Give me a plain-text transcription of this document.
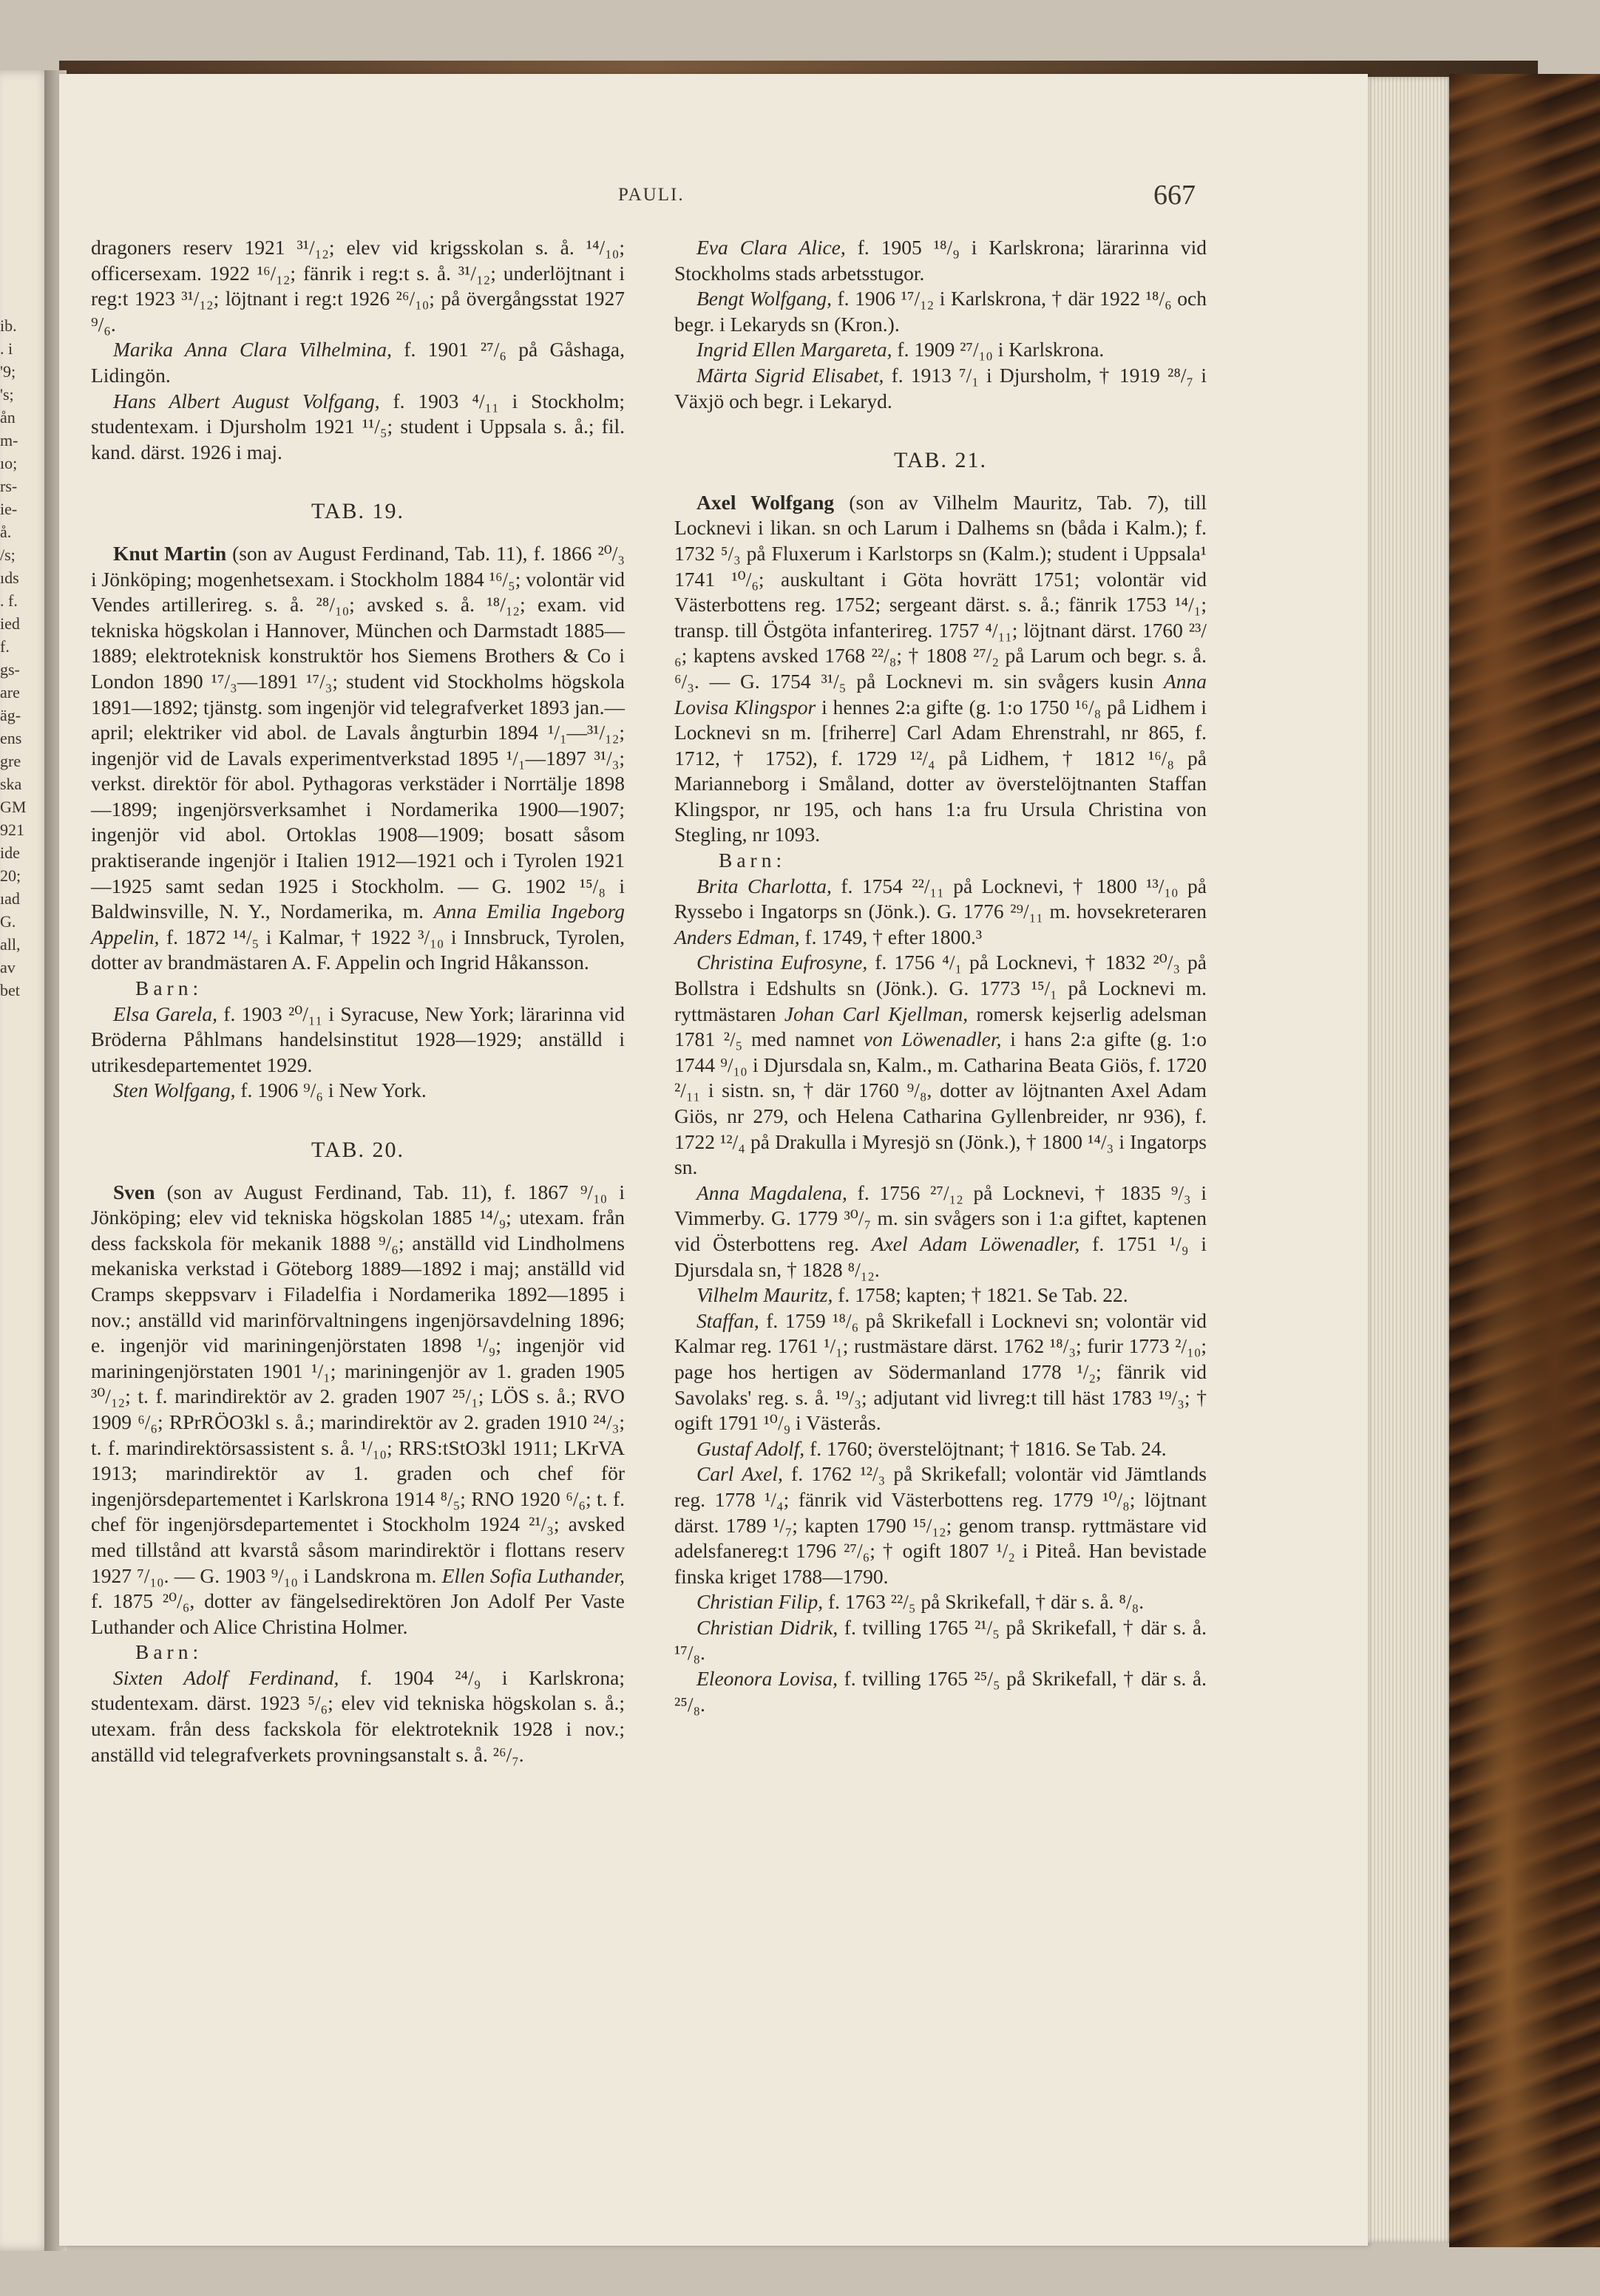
ib.
. i
'9;
's;
ån
m-
ıo;
rs-
ie-
å.
/s;
ıds
. f.
ied
f.
gs-
are
äg-
ens
gre
ska
GM
921
ide
20;
ıad
G.
all,
av
bet
PAULI.	667

dragoners reserv 1921 ³¹/₁₂; elev vid krigsskolan s. å. ¹⁴/₁₀; officersexam. 1922 ¹⁶/₁₂; fänrik i reg:t s. å. ³¹/₁₂; underlöjtnant i reg:t 1923 ³¹/₁₂; löjtnant i reg:t 1926 ²⁶/₁₀; på övergångsstat 1927 ⁹/₆.

Marika Anna Clara Vilhelmina, f. 1901 ²⁷/₆ på Gåshaga, Lidingön.

Hans Albert August Volfgang, f. 1903 ⁴/₁₁ i Stockholm; studentexam. i Djursholm 1921 ¹¹/₅; student i Uppsala s. å.; fil. kand. därst. 1926 i maj.

TAB. 19.

Knut Martin (son av August Ferdinand, Tab. 11), f. 1866 ²⁰/₃ i Jönköping; mogenhetsexam. i Stockholm 1884 ¹⁶/₅; volontär vid Vendes artillerireg. s. å. ²⁸/₁₀; avsked s. å. ¹⁸/₁₂; exam. vid tekniska högskolan i Hannover, München och Darmstadt 1885—1889; elektroteknisk konstruktör hos Siemens Brothers & Co i London 1890 ¹⁷/₃—1891 ¹⁷/₃; student vid Stockholms högskola 1891—1892; tjänstg. som ingenjör vid telegrafverket 1893 jan.—april; elektriker vid abol. de Lavals ångturbin 1894 ¹/₁—³¹/₁₂; ingenjör vid de Lavals experimentverkstad 1895 ¹/₁—1897 ³¹/₃; verkst. direktör för abol. Pythagoras verkstäder i Norrtälje 1898—1899; ingenjörsverksamhet i Nordamerika 1900—1907; ingenjör vid abol. Ortoklas 1908—1909; bosatt såsom praktiserande ingenjör i Italien 1912—1921 och i Tyrolen 1921—1925 samt sedan 1925 i Stockholm. — G. 1902 ¹⁵/₈ i Baldwinsville, N. Y., Nordamerika, m. Anna Emilia Ingeborg Appelin, f. 1872 ¹⁴/₅ i Kalmar, † 1922 ³/₁₀ i Innsbruck, Tyrolen, dotter av brandmästaren A. F. Appelin och Ingrid Håkansson.

Barn:

Elsa Garela, f. 1903 ²⁰/₁₁ i Syracuse, New York; lärarinna vid Bröderna Påhlmans handelsinstitut 1928—1929; anställd i utrikesdepartementet 1929.

Sten Wolfgang, f. 1906 ⁹/₆ i New York.

TAB. 20.

Sven (son av August Ferdinand, Tab. 11), f. 1867 ⁹/₁₀ i Jönköping; elev vid tekniska högskolan 1885 ¹⁴/₉; utexam. från dess fackskola för mekanik 1888 ⁹/₆; anställd vid Lindholmens mekaniska verkstad i Göteborg 1889—1892 i maj; anställd vid Cramps skeppsvarv i Filadelfia i Nordamerika 1892—1895 i nov.; anställd vid marinförvaltningens ingenjörsavdelning 1896; e. ingenjör vid mariningenjörstaten 1898 ¹/₉; ingenjör vid mariningenjörstaten 1901 ¹/₁; mariningenjör av 1. graden 1905 ³⁰/₁₂; t. f. marindirektör av 2. graden 1907 ²⁵/₁; LÖS s. å.; RVO 1909 ⁶/₆; RPrRÖO3kl s. å.; marindirektör av 2. graden 1910 ²⁴/₃; t. f. marindirektörsassistent s. å. ¹/₁₀; RRS:tStO3kl 1911; LKrVA 1913; marindirektör av 1. graden och chef för ingenjörsdepartementet i Karlskrona 1914 ⁸/₅; RNO 1920 ⁶/₆; t. f. chef för ingenjörsdepartementet i Stockholm 1924 ²¹/₃; avsked med tillstånd att kvarstå såsom marindirektör i flottans reserv 1927 ⁷/₁₀. — G. 1903 ⁹/₁₀ i Landskrona m. Ellen Sofia Luthander, f. 1875 ²⁰/₆, dotter av fängelsedirektören Jon Adolf Per Vaste Luthander och Alice Christina Holmer.

Barn:

Sixten Adolf Ferdinand, f. 1904 ²⁴/₉ i Karlskrona; studentexam. därst. 1923 ⁵/₆; elev vid tekniska högskolan s. å.; utexam. från dess fackskola för elektroteknik 1928 i nov.; anställd vid telegrafverkets provningsanstalt s. å. ²⁶/₇.

Eva Clara Alice, f. 1905 ¹⁸/₉ i Karlskrona; lärarinna vid Stockholms stads arbetsstugor.

Bengt Wolfgang, f. 1906 ¹⁷/₁₂ i Karlskrona, † där 1922 ¹⁸/₆ och begr. i Lekaryds sn (Kron.).

Ingrid Ellen Margareta, f. 1909 ²⁷/₁₀ i Karlskrona.

Märta Sigrid Elisabet, f. 1913 ⁷/₁ i Djursholm, † 1919 ²⁸/₇ i Växjö och begr. i Lekaryd.

TAB. 21.

Axel Wolfgang (son av Vilhelm Mauritz, Tab. 7), till Locknevi i likan. sn och Larum i Dalhems sn (båda i Kalm.); f. 1732 ⁵/₃ på Fluxerum i Karlstorps sn (Kalm.); student i Uppsala¹ 1741 ¹⁰/₆; auskultant i Göta hovrätt 1751; volontär vid Västerbottens reg. 1752; sergeant därst. s. å.; fänrik 1753 ¹⁴/₁; transp. till Östgöta infanterireg. 1757 ⁴/₁₁; löjtnant därst. 1760 ²³/₆; kaptens avsked 1768 ²²/₈; † 1808 ²⁷/₂ på Larum och begr. s. å. ⁶/₃. — G. 1754 ³¹/₅ på Locknevi m. sin svågers kusin Anna Lovisa Klingspor i hennes 2:a gifte (g. 1:o 1750 ¹⁶/₈ på Lidhem i Locknevi sn m. [friherre] Carl Adam Ehrenstrahl, nr 865, f. 1712, † 1752), f. 1729 ¹²/₄ på Lidhem, † 1812 ¹⁶/₈ på Marianneborg i Småland, dotter av överstelöjtnanten Staffan Klingspor, nr 195, och hans 1:a fru Ursula Christina von Stegling, nr 1093.

Barn:

Brita Charlotta, f. 1754 ²²/₁₁ på Locknevi, † 1800 ¹³/₁₀ på Ryssebo i Ingatorps sn (Jönk.). G. 1776 ²⁹/₁₁ m. hovsekreteraren Anders Edman, f. 1749, † efter 1800.³

Christina Eufrosyne, f. 1756 ⁴/₁ på Locknevi, † 1832 ²⁰/₃ på Bollstra i Edshults sn (Jönk.). G. 1773 ¹⁵/₁ på Locknevi m. ryttmästaren Johan Carl Kjellman, romersk kejserlig adelsman 1781 ²/₅ med namnet von Löwenadler, i hans 2:a gifte (g. 1:o 1744 ⁹/₁₀ i Djursdala sn, Kalm., m. Catharina Beata Giös, f. 1720 ²/₁₁ i sistn. sn, † där 1760 ⁹/₈, dotter av löjtnanten Axel Adam Giös, nr 279, och Helena Catharina Gyllenbreider, nr 936), f. 1722 ¹²/₄ på Drakulla i Myresjö sn (Jönk.), † 1800 ¹⁴/₃ i Ingatorps sn.

Anna Magdalena, f. 1756 ²⁷/₁₂ på Locknevi, † 1835 ⁹/₃ i Vimmerby. G. 1779 ³⁰/₇ m. sin svågers son i 1:a giftet, kaptenen vid Österbottens reg. Axel Adam Löwenadler, f. 1751 ¹/₉ i Djursdala sn, † 1828 ⁸/₁₂.

Vilhelm Mauritz, f. 1758; kapten; † 1821. Se Tab. 22.

Staffan, f. 1759 ¹⁸/₆ på Skrikefall i Locknevi sn; volontär vid Kalmar reg. 1761 ¹/₁; rustmästare därst. 1762 ¹⁸/₃; furir 1773 ²/₁₀; page hos hertigen av Södermanland 1778 ¹/₂; fänrik vid Savolaks' reg. s. å. ¹⁹/₃; adjutant vid livreg:t till häst 1783 ¹⁹/₃; † ogift 1791 ¹⁰/₉ i Västerås.

Gustaf Adolf, f. 1760; överstelöjtnant; † 1816. Se Tab. 24.

Carl Axel, f. 1762 ¹²/₃ på Skrikefall; volontär vid Jämtlands reg. 1778 ¹/₄; fänrik vid Västerbottens reg. 1779 ¹⁰/₈; löjtnant därst. 1789 ¹/₇; kapten 1790 ¹⁵/₁₂; genom transp. ryttmästare vid adelsfanereg:t 1796 ²⁷/₆; † ogift 1807 ¹/₂ i Piteå. Han bevistade finska kriget 1788—1790.

Christian Filip, f. 1763 ²²/₅ på Skrikefall, † där s. å. ⁸/₈.

Christian Didrik, f. tvilling 1765 ²¹/₅ på Skrikefall, † där s. å. ¹⁷/₈.

Eleonora Lovisa, f. tvilling 1765 ²⁵/₅ på Skrikefall, † där s. å. ²⁵/₈.
